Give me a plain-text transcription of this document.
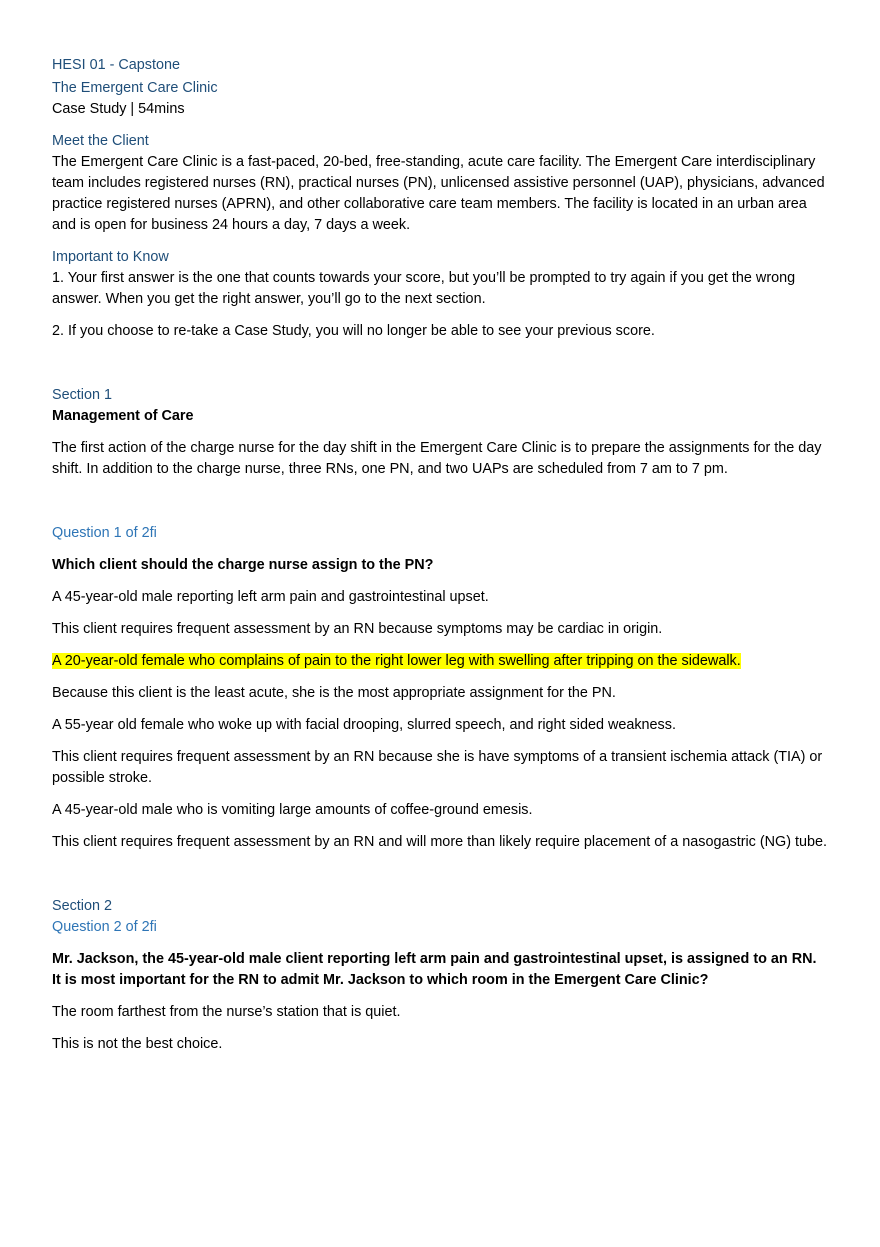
HESI 01 - Capstone

The Emergent Care Clinic

Case Study | 54mins

Meet the Client

The Emergent Care Clinic is a fast-paced, 20-bed, free-standing, acute care facility. The Emergent Care interdisciplinary team includes registered nurses (RN), practical nurses (PN), unlicensed assistive personnel (UAP), physicians, advanced practice registered nurses (APRN), and other collaborative care team members. The facility is located in an urban area and is open for business 24 hours a day, 7 days a week.

Important to Know

1. Your first answer is the one that counts towards your score, but you’ll be prompted to try again if you get the wrong answer. When you get the right answer, you’ll go to the next section.

2. If you choose to re-take a Case Study, you will no longer be able to see your previous score.

Section 1

Management of Care

The first action of the charge nurse for the day shift in the Emergent Care Clinic is to prepare the assignments for the day shift. In addition to the charge nurse, three RNs, one PN, and two UAPs are scheduled from 7 am to 7 pm.

Question 1 of 2fi

Which client should the charge nurse assign to the PN?

A 45-year-old male reporting left arm pain and gastrointestinal upset.

This client requires frequent assessment by an RN because symptoms may be cardiac in origin.

A 20-year-old female who complains of pain to the right lower leg with swelling after tripping on the sidewalk.

Because this client is the least acute, she is the most appropriate assignment for the PN.

A 55-year old female who woke up with facial drooping, slurred speech, and right sided weakness.

This client requires frequent assessment by an RN because she is have symptoms of a transient ischemia attack (TIA) or possible stroke.

A 45-year-old male who is vomiting large amounts of coffee-ground emesis.

This client requires frequent assessment by an RN and will more than likely require placement of a nasogastric (NG) tube.

Section 2

Question 2 of 2fi

Mr. Jackson, the 45-year-old male client reporting left arm pain and gastrointestinal upset, is assigned to an RN. It is most important for the RN to admit Mr. Jackson to which room in the Emergent Care Clinic?

The room farthest from the nurse’s station that is quiet.

This is not the best choice.
